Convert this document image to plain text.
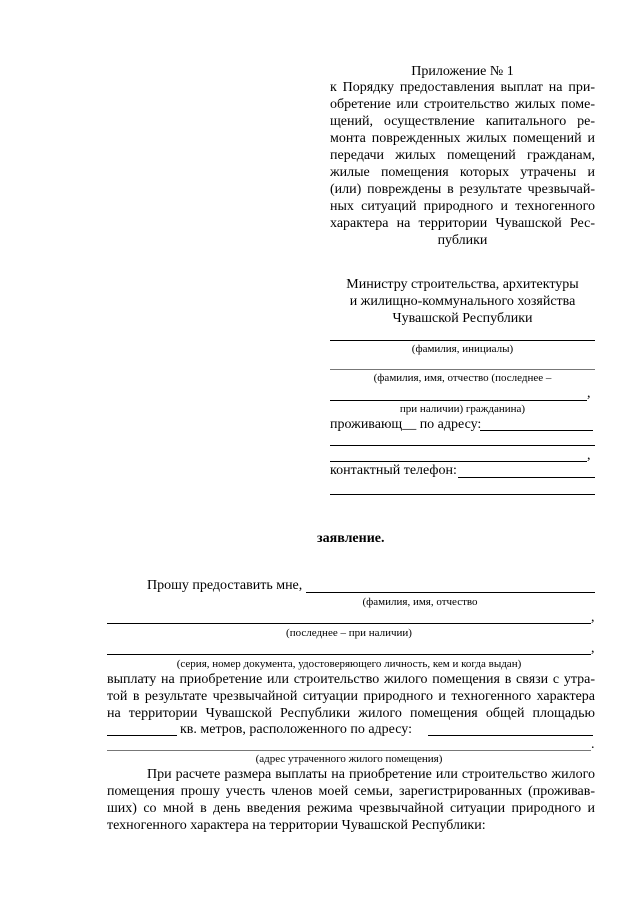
Приложение № 1
к Порядку предоставления выплат на при-
обретение или строительство жилых поме-
щений, осуществление капитального ре-
монта поврежденных жилых помещений и
передачи жилых помещений гражданам,
жилые помещения которых утрачены и
(или) повреждены в результате чрезвычай-
ных ситуаций природного и техногенного
характера на территории Чувашской Рес-
публики
Министру строительства, архитектуры
и жилищно-коммунального хозяйства
Чувашской Республики
(фамилия, инициалы)
(фамилия, имя, отчество (последнее –
,
при наличии) гражданина)
проживающ__ по адресу:
,
контактный телефон:
заявление.
Прошу предоставить мне,
(фамилия, имя, отчество
,
(последнее – при наличии)
,
(серия, номер документа, удостоверяющего личность, кем и когда выдан)
выплату на приобретение или строительство жилого помещения в связи с утра-
той в результате чрезвычайной ситуации природного и техногенного характера
на территории Чувашской Республики жилого помещения общей площадью
кв. метров, расположенного по адресу:
.
(адрес утраченного жилого помещения)
При расчете размера выплаты на приобретение или строительство жилого
помещения прошу учесть членов моей семьи, зарегистрированных (проживав-
ших) со мной в день введения режима чрезвычайной ситуации природного и
техногенного характера на территории Чувашской Республики:
